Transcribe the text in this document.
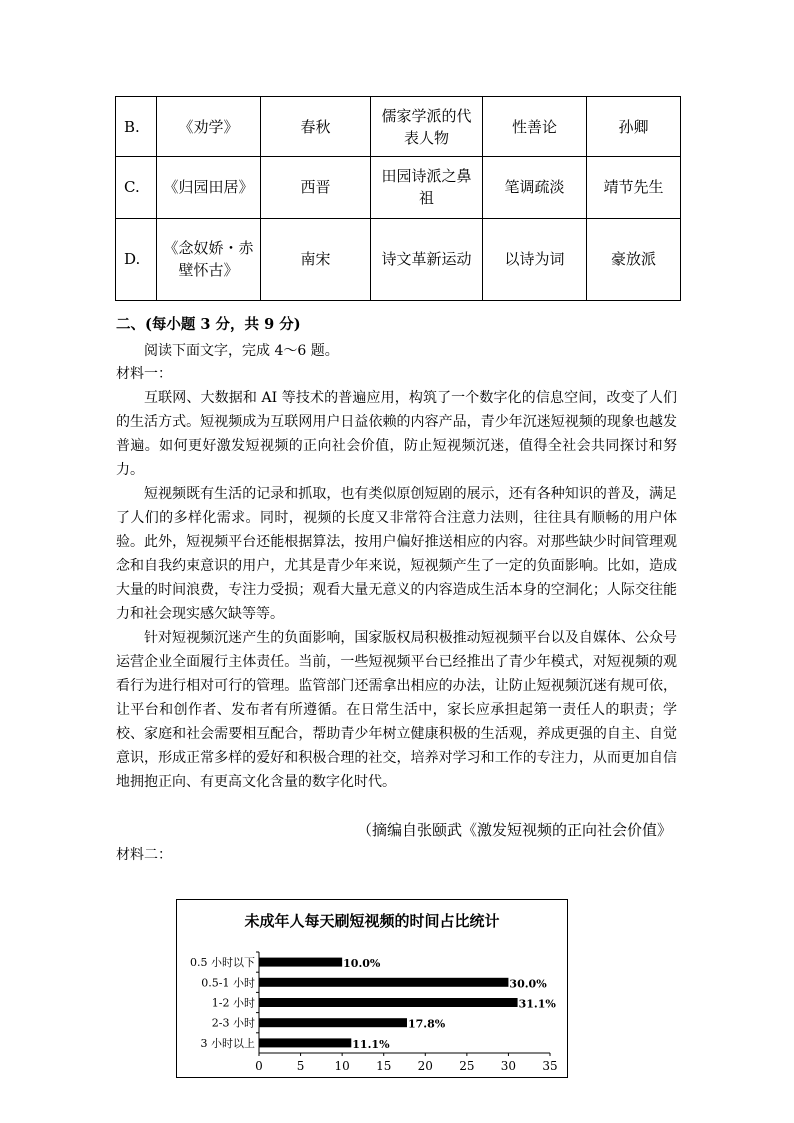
B.	《劝学》	春秋	儒家学派的代表人物	性善论	孙卿
C.	《归园田居》	西晋	田园诗派之鼻祖	笔调疏淡	靖节先生
D.	《念奴娇・赤壁怀古》	南宋	诗文革新运动	以诗为词	豪放派
二、(每小题 3 分，共 9 分)
阅读下面文字，完成 4～6 题。
材料一：

互联网、大数据和 AI 等技术的普遍应用，构筑了一个数字化的信息空间，改变了人们的生活方式。短视频成为互联网用户日益依赖的内容产品，青少年沉迷短视频的现象也越发普遍。如何更好激发短视频的正向社会价值，防止短视频沉迷，值得全社会共同探讨和努力。

短视频既有生活的记录和抓取，也有类似原创短剧的展示，还有各种知识的普及，满足了人们的多样化需求。同时，视频的长度又非常符合注意力法则，往往具有顺畅的用户体验。此外，短视频平台还能根据算法，按用户偏好推送相应的内容。对那些缺少时间管理观念和自我约束意识的用户，尤其是青少年来说，短视频产生了一定的负面影响。比如，造成大量的时间浪费，专注力受损；观看大量无意义的内容造成生活本身的空洞化；人际交往能力和社会现实感欠缺等等。

针对短视频沉迷产生的负面影响，国家版权局积极推动短视频平台以及自媒体、公众号运营企业全面履行主体责任。当前，一些短视频平台已经推出了青少年模式，对短视频的观看行为进行相对可行的管理。监管部门还需拿出相应的办法，让防止短视频沉迷有规可依，让平台和创作者、发布者有所遵循。在日常生活中，家长应承担起第一责任人的职责；学校、家庭和社会需要相互配合，帮助青少年树立健康积极的生活观，养成更强的自主、自觉意识，形成正常多样的爱好和积极合理的社交，培养对学习和工作的专注力，从而更加自信地拥抱正向、有更高文化含量的数字化时代。

（摘编自张颐武《激发短视频的正向社会价值》
材料二：
未成年人每天刷短视频的时间占比统计
0.5 小时以下	10.0%
0.5-1 小时	30.0%
1-2 小时	31.1%
2-3 小时	17.8%
3 小时以上	11.1%
0	5	10 15 20 25 30 35
